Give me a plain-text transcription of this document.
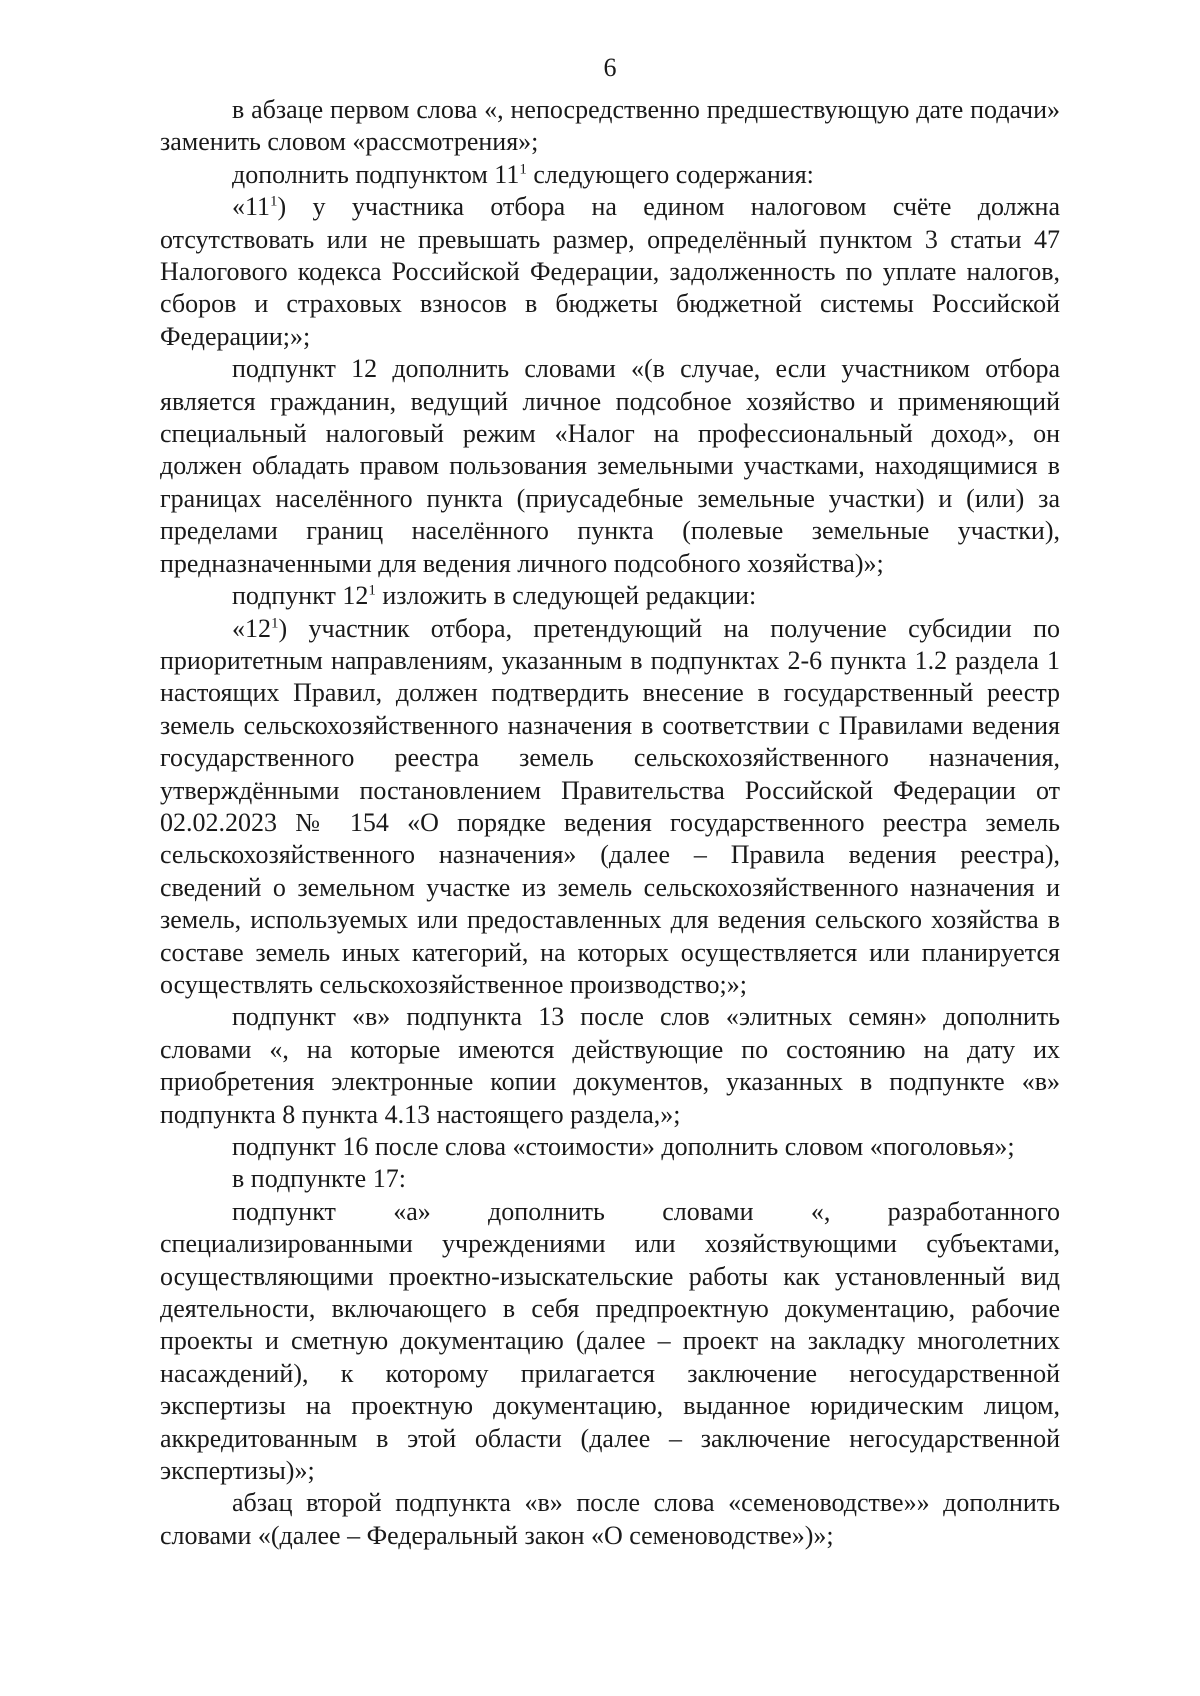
6

в абзаце первом слова «, непосредственно предшествующую дате подачи» заменить словом «рассмотрения»;

дополнить подпунктом $11^1$ следующего содержания:

«$11^1$) у участника отбора на едином налоговом счёте должна отсутствовать или не превышать размер, определённый пунктом 3 статьи 47 Налогового кодекса Российской Федерации, задолженность по уплате налогов, сборов и страховых взносов в бюджеты бюджетной системы Российской Федерации;»;

подпункт 12 дополнить словами «(в случае, если участником отбора является гражданин, ведущий личное подсобное хозяйство и применяющий специальный налоговый режим «Налог на профессиональный доход», он должен обладать правом пользования земельными участками, находящимися в границах населённого пункта (приусадебные земельные участки) и (или) за пределами границ населённого пункта (полевые земельные участки), предназначенными для ведения личного подсобного хозяйства)»;

подпункт $12^1$ изложить в следующей редакции:

«$12^1$) участник отбора, претендующий на получение субсидии по приоритетным направлениям, указанным в подпунктах 2-6 пункта 1.2 раздела 1 настоящих Правил, должен подтвердить внесение в государственный реестр земель сельскохозяйственного назначения в соответствии с Правилами ведения государственного реестра земель сельскохозяйственного назначения, утверждёнными постановлением Правительства Российской Федерации от 02.02.2023 № 154 «О порядке ведения государственного реестра земель сельскохозяйственного назначения» (далее – Правила ведения реестра), сведений о земельном участке из земель сельскохозяйственного назначения и земель, используемых или предоставленных для ведения сельского хозяйства в составе земель иных категорий, на которых осуществляется или планируется осуществлять сельскохозяйственное производство;»;

подпункт «в» подпункта 13 после слов «элитных семян» дополнить словами «, на которые имеются действующие по состоянию на дату их приобретения электронные копии документов, указанных в подпункте «в» подпункта 8 пункта 4.13 настоящего раздела,»;

подпункт 16 после слова «стоимости» дополнить словом «поголовья»;

в подпункте 17:

подпункт «а» дополнить словами «, разработанного специализированными учреждениями или хозяйствующими субъектами, осуществляющими проектно-изыскательские работы как установленный вид деятельности, включающего в себя предпроектную документацию, рабочие проекты и сметную документацию (далее – проект на закладку многолетних насаждений), к которому прилагается заключение негосударственной экспертизы на проектную документацию, выданное юридическим лицом, аккредитованным в этой области (далее – заключение негосударственной экспертизы)»;

абзац второй подпункта «в» после слова «семеноводстве»» дополнить словами «(далее – Федеральный закон «О семеноводстве»)»;
